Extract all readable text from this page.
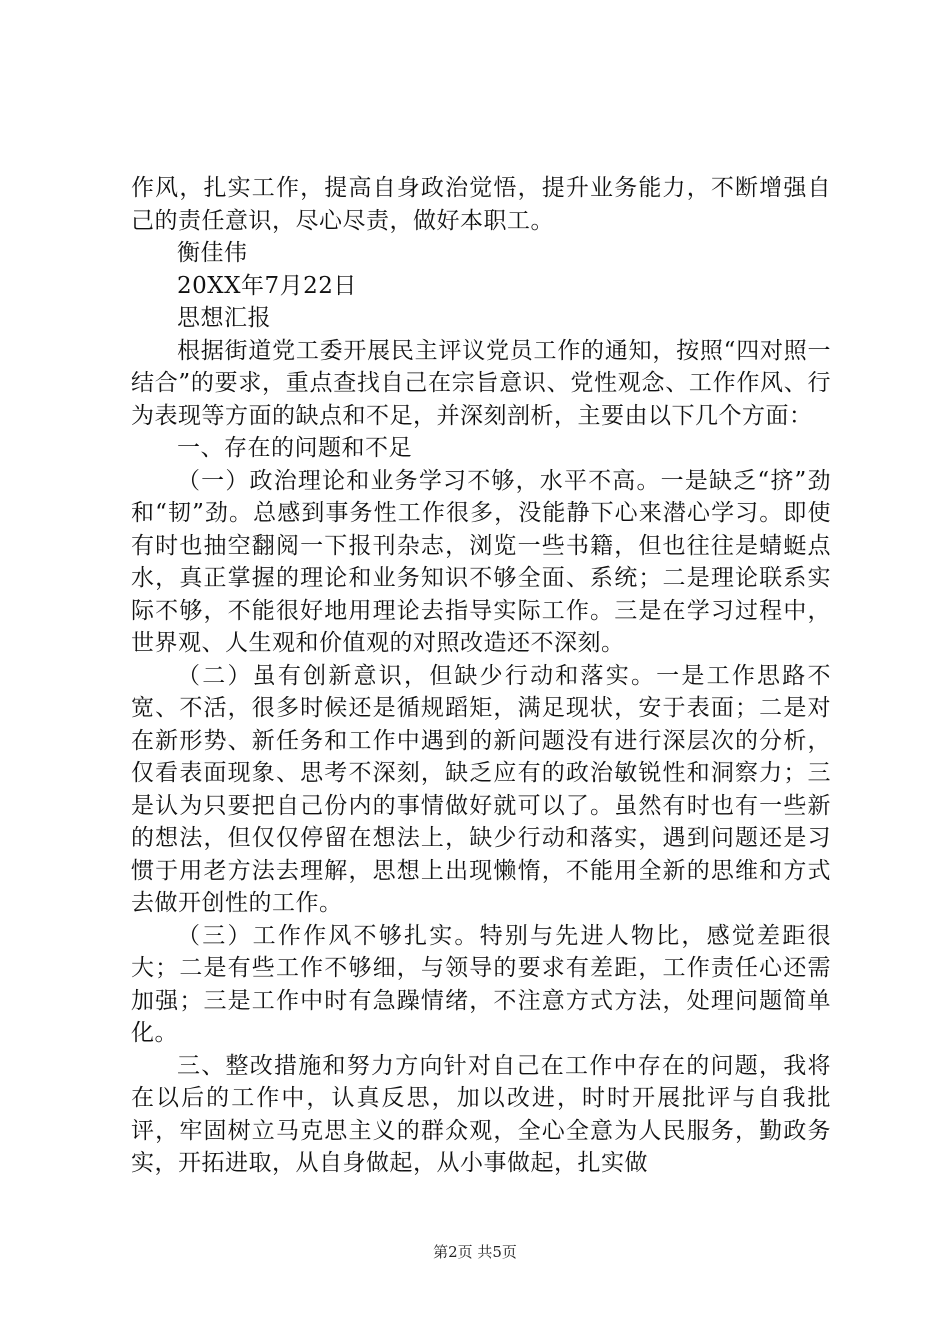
作风，扎实工作，提高自身政治觉悟，提升业务能力，不断增强自己的责任意识，尽心尽责，做好本职工。

衡佳伟

20XX年7月22日

思想汇报

根据街道党工委开展民主评议党员工作的通知，按照“四对照一结合”的要求，重点查找自己在宗旨意识、党性观念、工作作风、行为表现等方面的缺点和不足，并深刻剖析，主要由以下几个方面：

一、存在的问题和不足

（一）政治理论和业务学习不够，水平不高。一是缺乏“挤”劲和“韧”劲。总感到事务性工作很多，没能静下心来潜心学习。即使有时也抽空翻阅一下报刊杂志，浏览一些书籍，但也往往是蜻蜓点水，真正掌握的理论和业务知识不够全面、系统；二是理论联系实际不够，不能很好地用理论去指导实际工作。三是在学习过程中，世界观、人生观和价值观的对照改造还不深刻。

（二）虽有创新意识，但缺少行动和落实。一是工作思路不宽、不活，很多时候还是循规蹈矩，满足现状，安于表面；二是对在新形势、新任务和工作中遇到的新问题没有进行深层次的分析，仅看表面现象、思考不深刻，缺乏应有的政治敏锐性和洞察力；三是认为只要把自己份内的事情做好就可以了。虽然有时也有一些新的想法，但仅仅停留在想法上，缺少行动和落实，遇到问题还是习惯于用老方法去理解，思想上出现懒惰，不能用全新的思维和方式去做开创性的工作。

（三）工作作风不够扎实。特别与先进人物比，感觉差距很大；二是有些工作不够细，与领导的要求有差距，工作责任心还需加强；三是工作中时有急躁情绪，不注意方式方法，处理问题简单化。

三、整改措施和努力方向针对自己在工作中存在的问题，我将在以后的工作中，认真反思，加以改进，时时开展批评与自我批评，牢固树立马克思主义的群众观，全心全意为人民服务，勤政务实，开拓进取，从自身做起，从小事做起，扎实做

第2页 共5页
